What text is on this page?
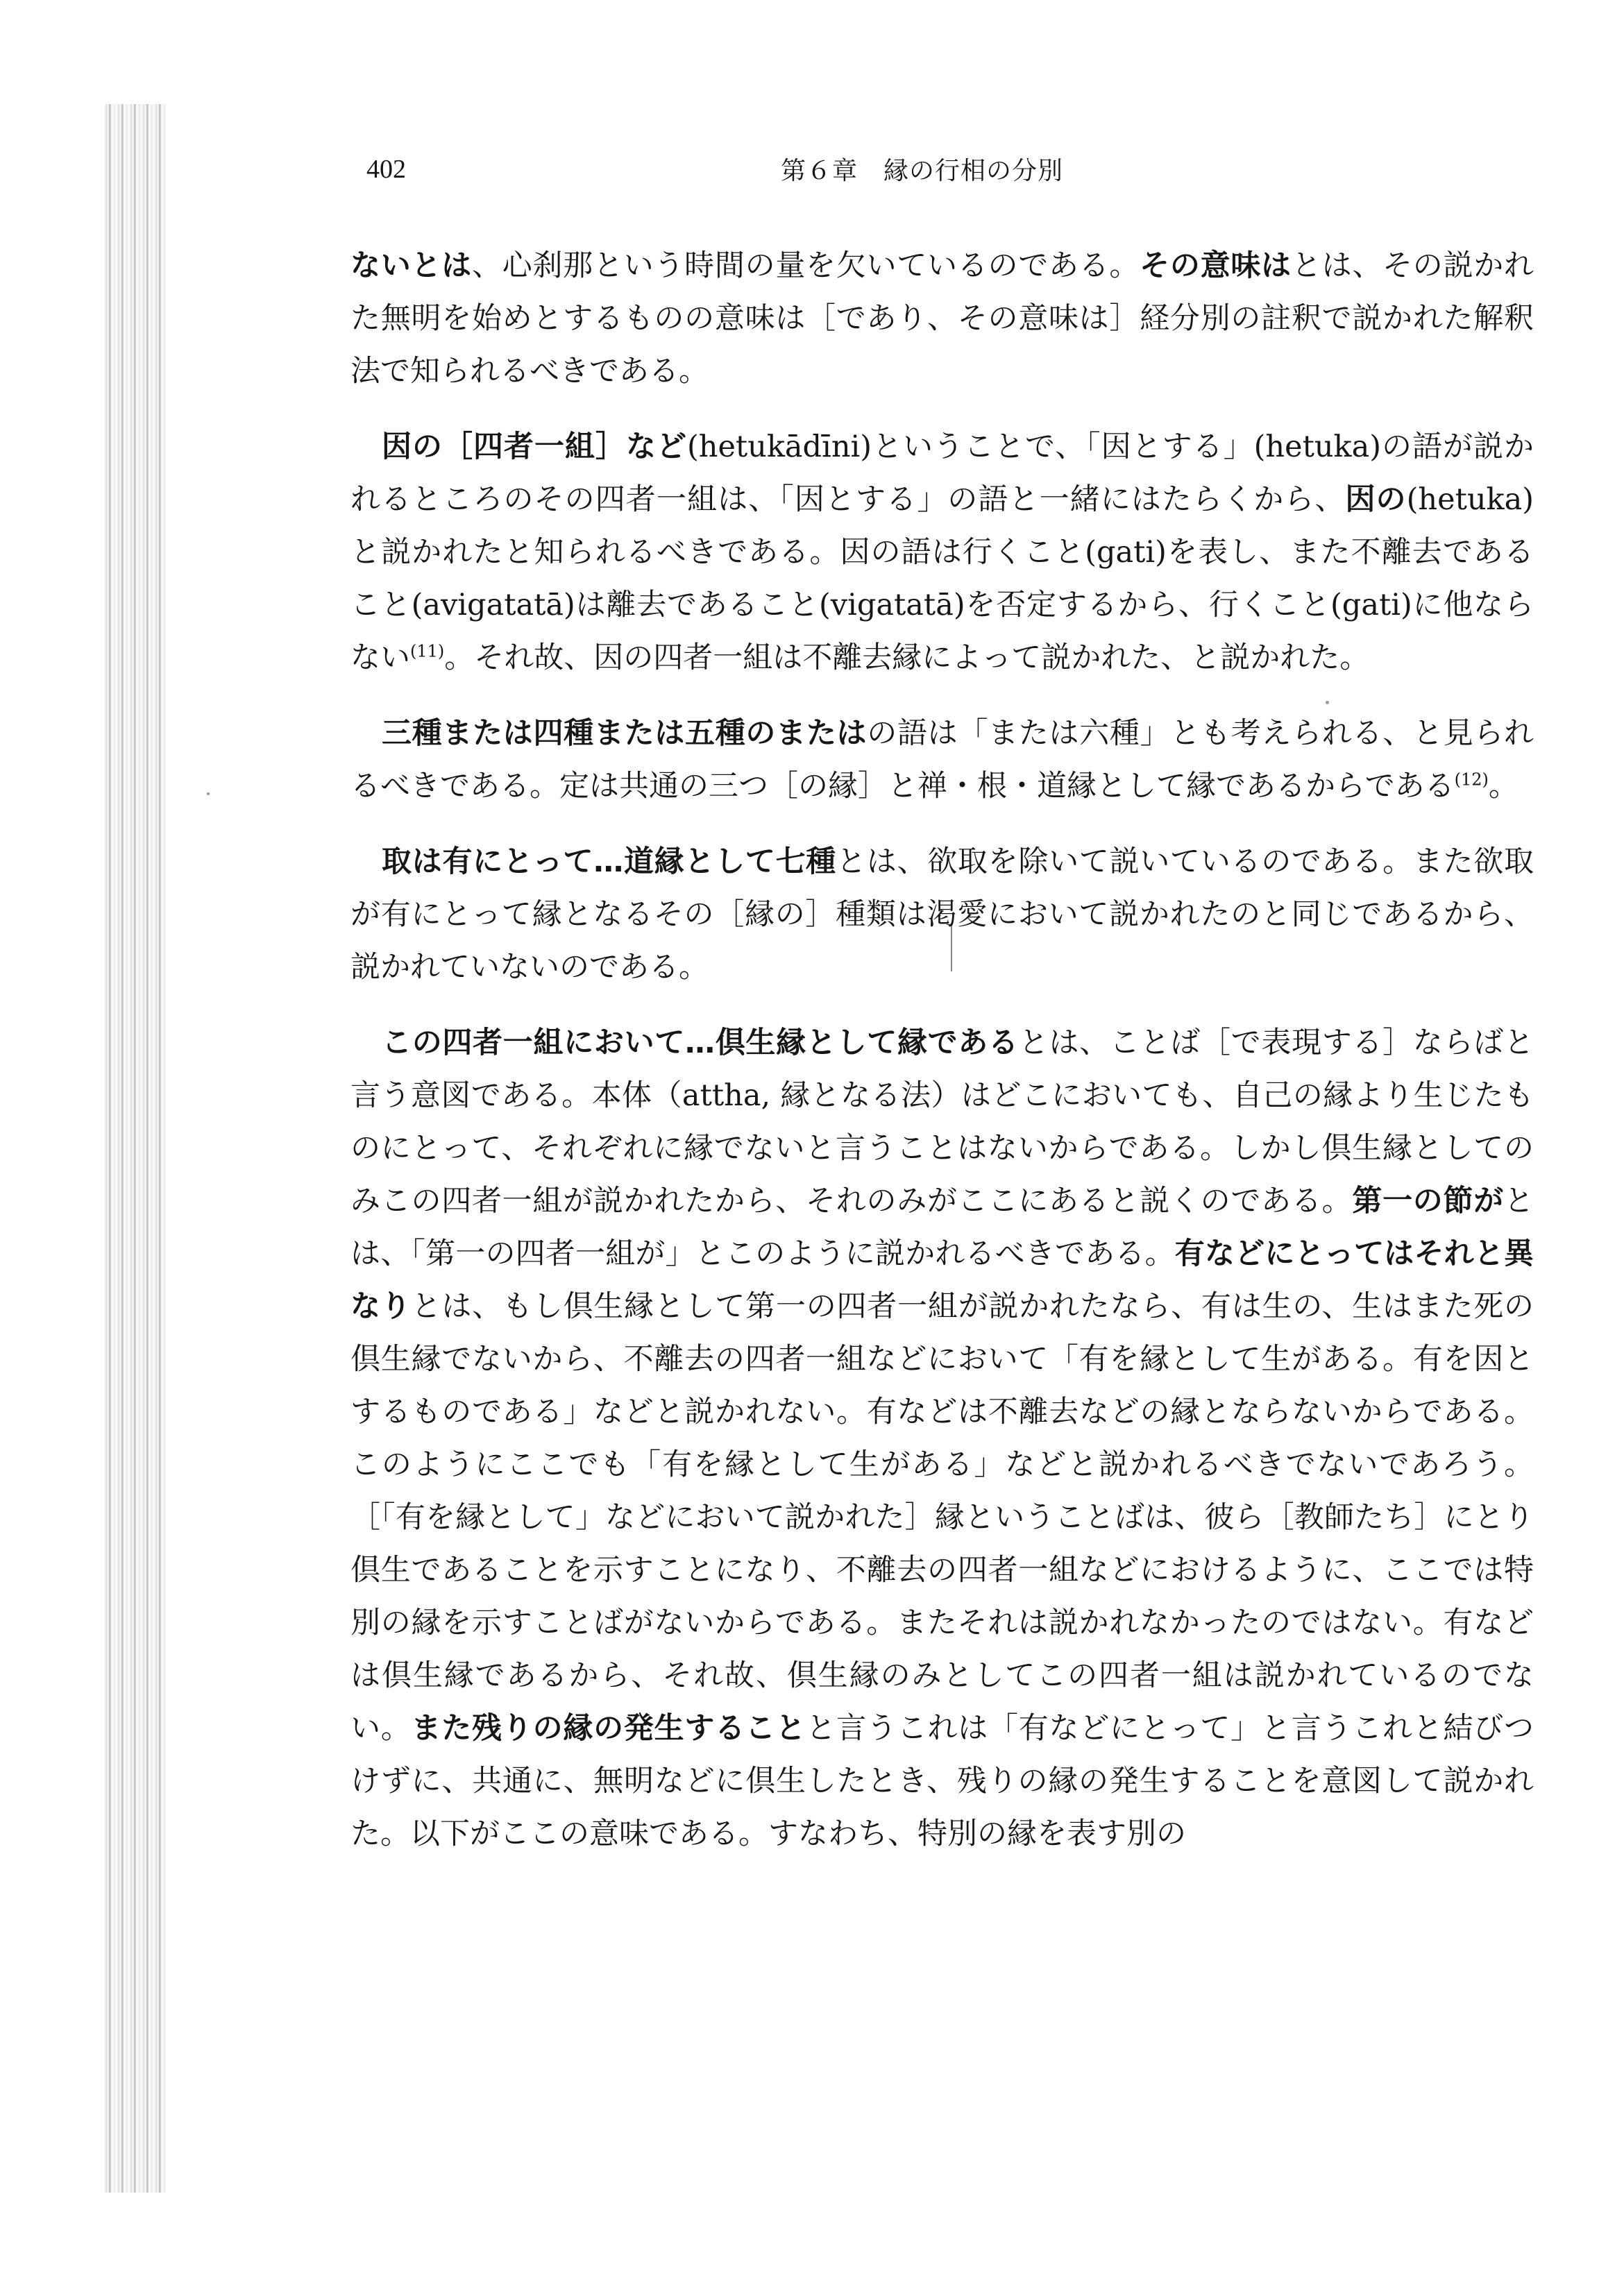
402	第６章　縁の行相の分別

ないとは、心刹那という時間の量を欠いているのである。その意味はとは、その説かれた無明を始めとするものの意味は［であり、その意味は］経分別の註釈で説かれた解釈法で知られるべきである。

因の［四者一組］など(hetukādīni)ということで、「因とする」(hetuka)の語が説かれるところのその四者一組は、「因とする」の語と一緒にはたらくから、因の(hetuka)と説かれたと知られるべきである。因の語は行くこと(gati)を表し、また不離去であること(avigatatā)は離去であること(vigatatā)を否定するから、行くこと(gati)に他ならない$^{(11)}$。それ故、因の四者一組は不離去縁によって説かれた、と説かれた。

三種または四種または五種のまたはの語は「または六種」とも考えられる、と見られるべきである。定は共通の三つ［の縁］と禅・根・道縁として縁であるからである$^{(12)}$。

取は有にとって…道縁として七種とは、欲取を除いて説いているのである。また欲取が有にとって縁となるその［縁の］種類は渇愛において説かれたのと同じであるから、説かれていないのである。

この四者一組において…倶生縁として縁であるとは、ことば［で表現する］ならばと言う意図である。本体（attha, 縁となる法）はどこにおいても、自己の縁より生じたものにとって、それぞれに縁でないと言うことはないからである。しかし倶生縁としてのみこの四者一組が説かれたから、それのみがここにあると説くのである。第一の節がとは、「第一の四者一組が」とこのように説かれるべきである。有などにとってはそれと異なりとは、もし倶生縁として第一の四者一組が説かれたなら、有は生の、生はまた死の倶生縁でないから、不離去の四者一組などにおいて「有を縁として生がある。有を因とするものである」などと説かれない。有などは不離去などの縁とならないからである。このようにここでも「有を縁として生がある」などと説かれるべきでないであろう。［「有を縁として」などにおいて説かれた］縁ということばは、彼ら［教師たち］にとり倶生であることを示すことになり、不離去の四者一組などにおけるように、ここでは特別の縁を示すことばがないからである。またそれは説かれなかったのではない。有などは倶生縁であるから、それ故、倶生縁のみとしてこの四者一組は説かれているのでない。また残りの縁の発生することと言うこれは「有などにとって」と言うこれと結びつけずに、共通に、無明などに倶生したとき、残りの縁の発生することを意図して説かれた。以下がここの意味である。すなわち、特別の縁を表す別の
